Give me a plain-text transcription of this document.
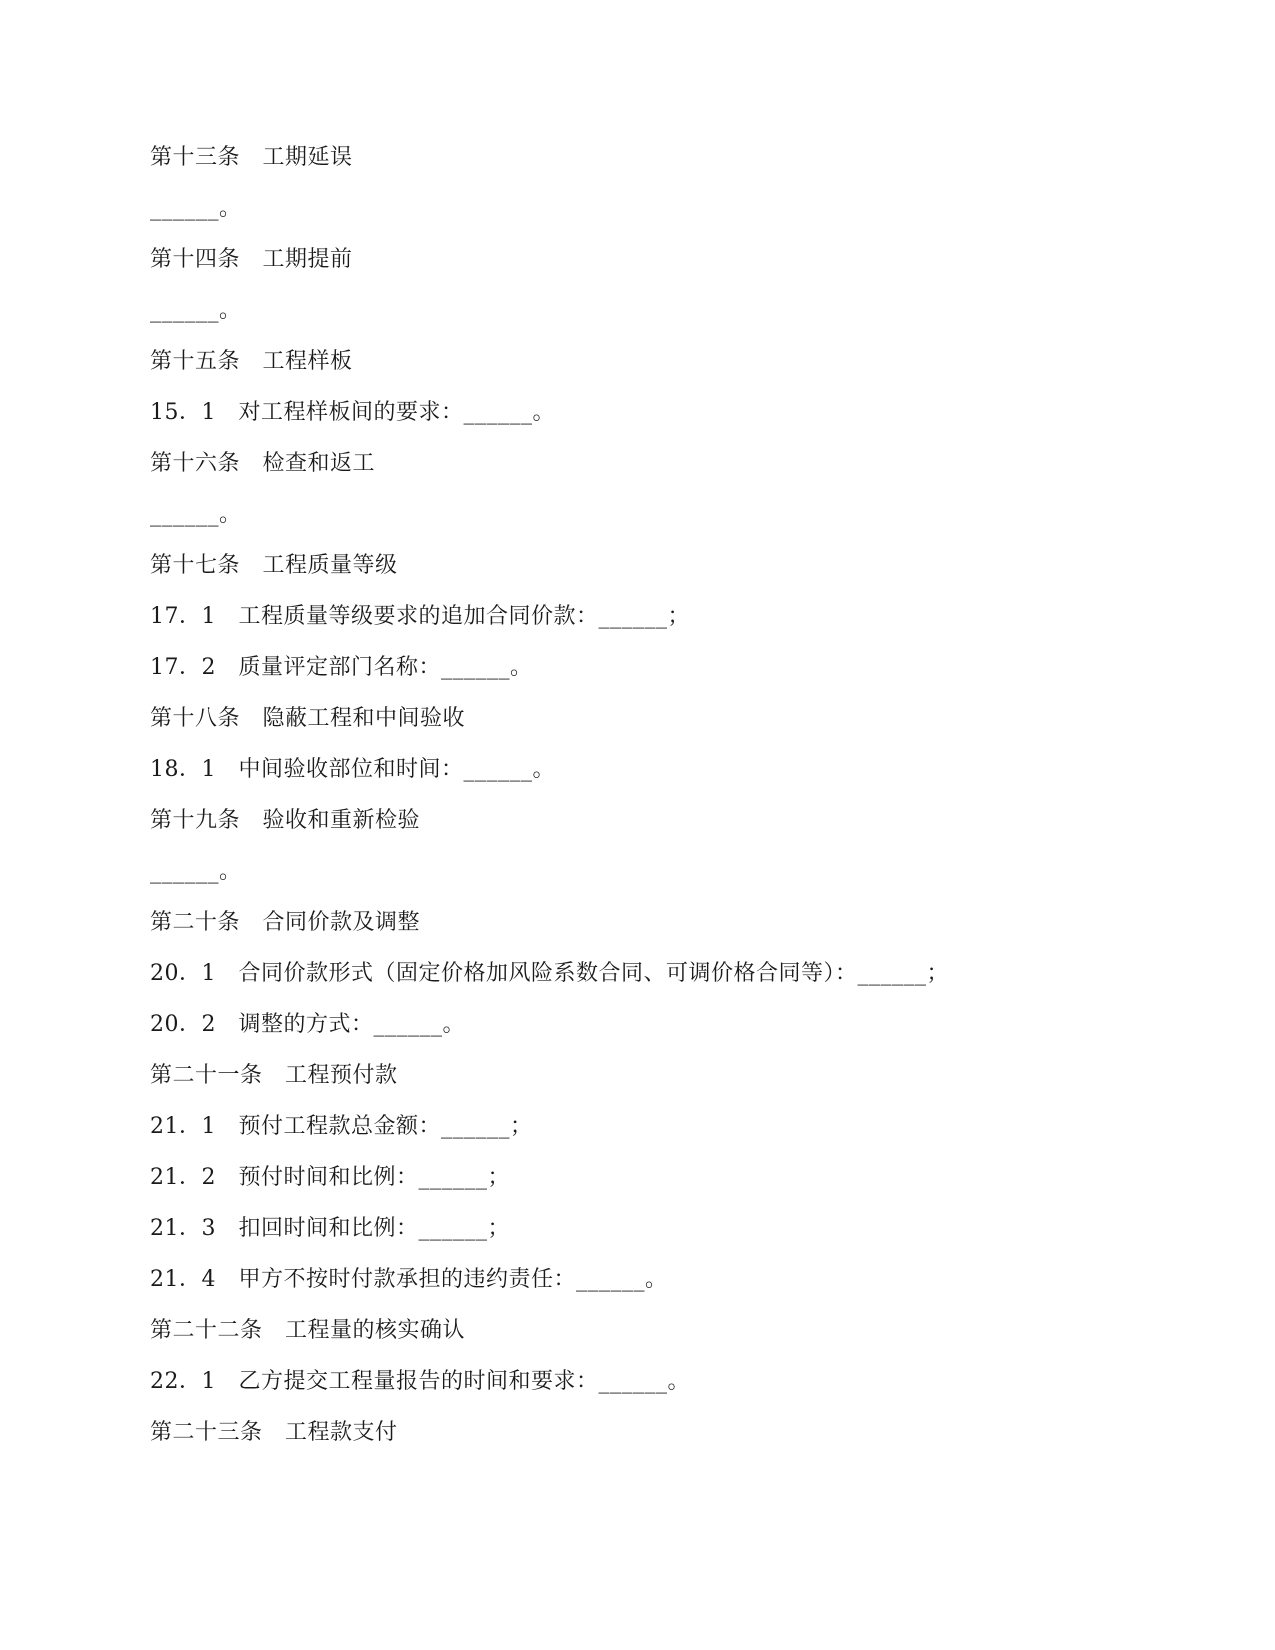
第十三条　工期延误

______。

第十四条　工期提前

______。

第十五条　工程样板

15．1　对工程样板间的要求：______。

第十六条　检查和返工

______。

第十七条　工程质量等级

17．1　工程质量等级要求的追加合同价款：______；

17．2　质量评定部门名称：______。

第十八条　隐蔽工程和中间验收

18．1　中间验收部位和时间：______。

第十九条　验收和重新检验

______。

第二十条　合同价款及调整

20．1　合同价款形式（固定价格加风险系数合同、可调价格合同等）：______；

20．2　调整的方式：______。

第二十一条　工程预付款

21．1　预付工程款总金额：______；

21．2　预付时间和比例：______；

21．3　扣回时间和比例：______；

21．4　甲方不按时付款承担的违约责任：______。

第二十二条　工程量的核实确认

22．1　乙方提交工程量报告的时间和要求：______。

第二十三条　工程款支付
